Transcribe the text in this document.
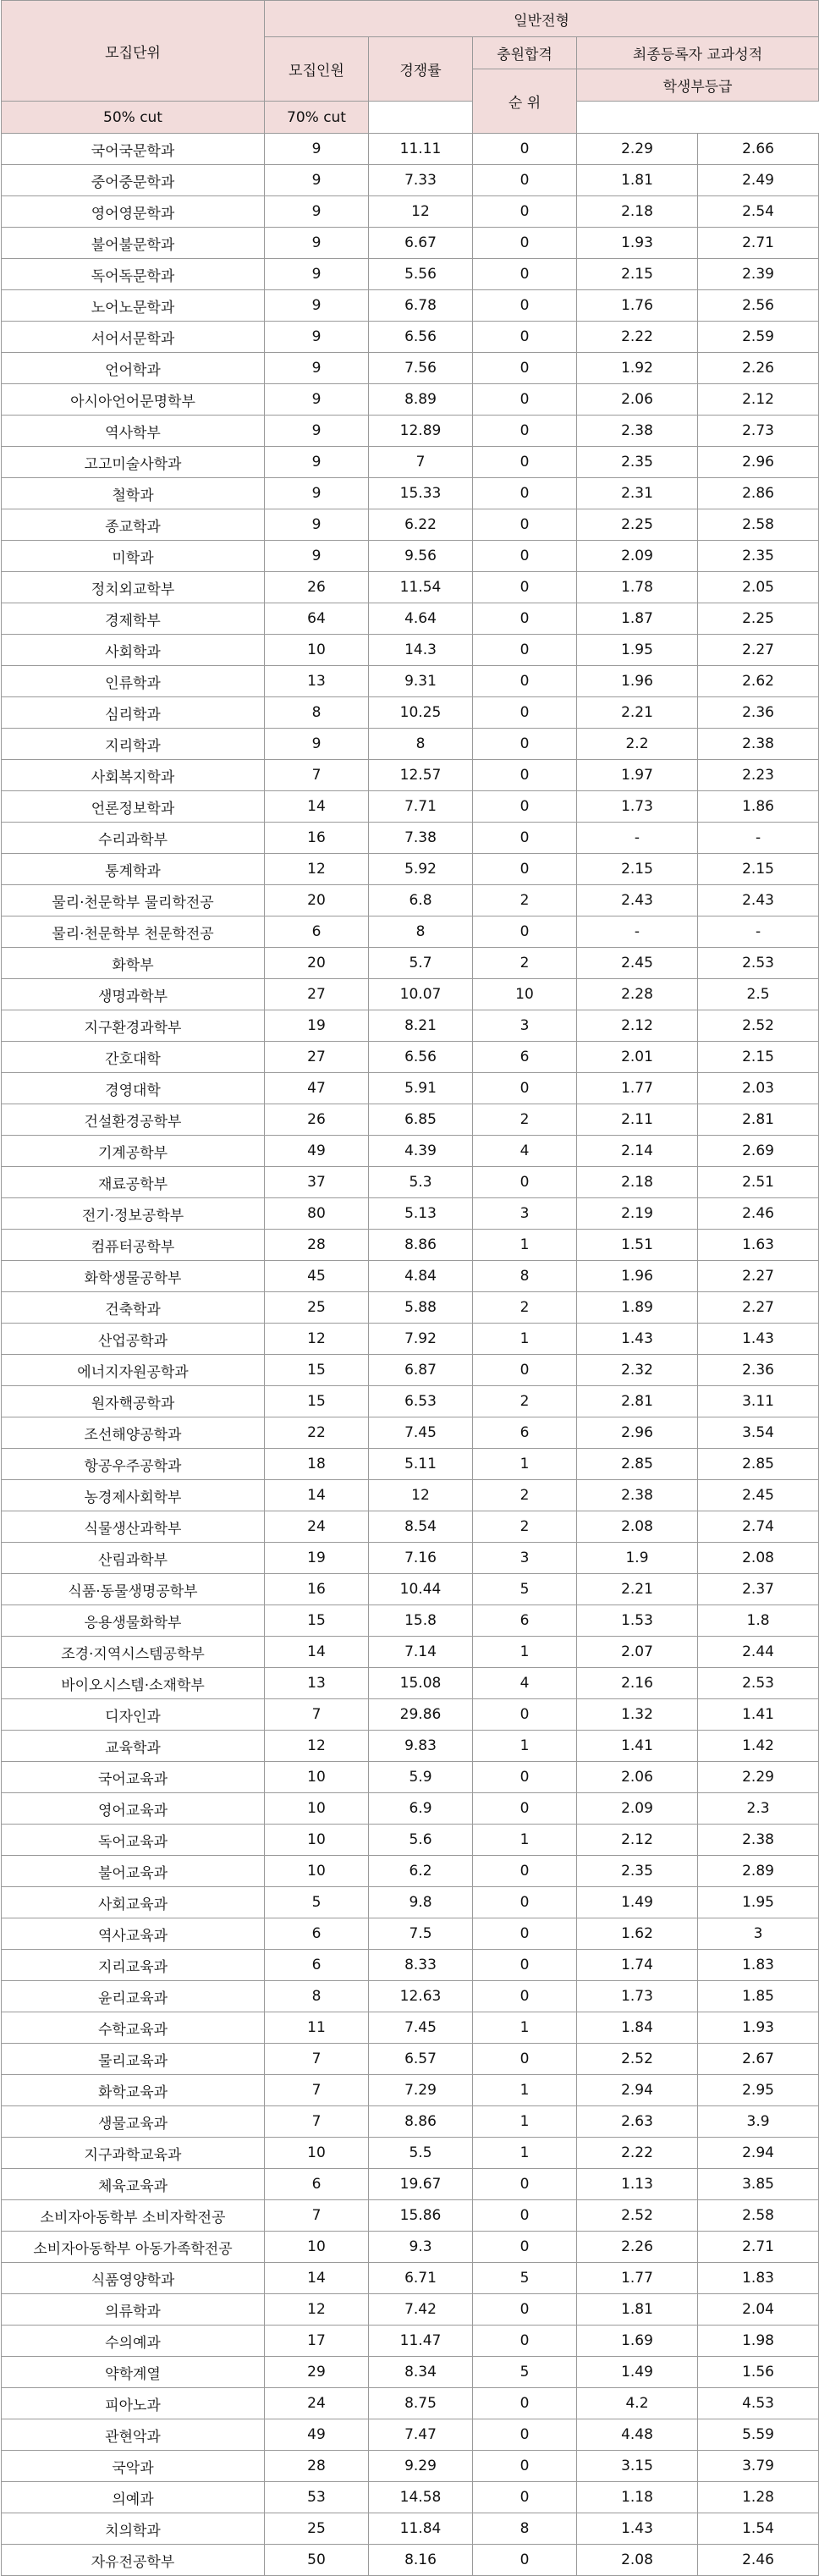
모집단위	일반전형				
	모집인원	경쟁률	충원합격	최종등록자 교과성적	
			순 위	학생부등급	
50% cut	70% cut				
국어국문학과	9	11.11	0	2.29	2.66
중어중문학과	9	7.33	0	1.81	2.49
영어영문학과	9	12	0	2.18	2.54
불어불문학과	9	6.67	0	1.93	2.71
독어독문학과	9	5.56	0	2.15	2.39
노어노문학과	9	6.78	0	1.76	2.56
서어서문학과	9	6.56	0	2.22	2.59
언어학과	9	7.56	0	1.92	2.26
아시아언어문명학부	9	8.89	0	2.06	2.12
역사학부	9	12.89	0	2.38	2.73
고고미술사학과	9	7	0	2.35	2.96
철학과	9	15.33	0	2.31	2.86
종교학과	9	6.22	0	2.25	2.58
미학과	9	9.56	0	2.09	2.35
정치외교학부	26	11.54	0	1.78	2.05
경제학부	64	4.64	0	1.87	2.25
사회학과	10	14.3	0	1.95	2.27
인류학과	13	9.31	0	1.96	2.62
심리학과	8	10.25	0	2.21	2.36
지리학과	9	8	0	2.2	2.38
사회복지학과	7	12.57	0	1.97	2.23
언론정보학과	14	7.71	0	1.73	1.86
수리과학부	16	7.38	0	-	-
통계학과	12	5.92	0	2.15	2.15
물리·천문학부 물리학전공	20	6.8	2	2.43	2.43
물리·천문학부 천문학전공	6	8	0	-	-
화학부	20	5.7	2	2.45	2.53
생명과학부	27	10.07	10	2.28	2.5
지구환경과학부	19	8.21	3	2.12	2.52
간호대학	27	6.56	6	2.01	2.15
경영대학	47	5.91	0	1.77	2.03
건설환경공학부	26	6.85	2	2.11	2.81
기계공학부	49	4.39	4	2.14	2.69
재료공학부	37	5.3	0	2.18	2.51
전기·정보공학부	80	5.13	3	2.19	2.46
컴퓨터공학부	28	8.86	1	1.51	1.63
화학생물공학부	45	4.84	8	1.96	2.27
건축학과	25	5.88	2	1.89	2.27
산업공학과	12	7.92	1	1.43	1.43
에너지자원공학과	15	6.87	0	2.32	2.36
원자핵공학과	15	6.53	2	2.81	3.11
조선해양공학과	22	7.45	6	2.96	3.54
항공우주공학과	18	5.11	1	2.85	2.85
농경제사회학부	14	12	2	2.38	2.45
식물생산과학부	24	8.54	2	2.08	2.74
산림과학부	19	7.16	3	1.9	2.08
식품·동물생명공학부	16	10.44	5	2.21	2.37
응용생물화학부	15	15.8	6	1.53	1.8
조경·지역시스템공학부	14	7.14	1	2.07	2.44
바이오시스템·소재학부	13	15.08	4	2.16	2.53
디자인과	7	29.86	0	1.32	1.41
교육학과	12	9.83	1	1.41	1.42
국어교육과	10	5.9	0	2.06	2.29
영어교육과	10	6.9	0	2.09	2.3
독어교육과	10	5.6	1	2.12	2.38
불어교육과	10	6.2	0	2.35	2.89
사회교육과	5	9.8	0	1.49	1.95
역사교육과	6	7.5	0	1.62	3
지리교육과	6	8.33	0	1.74	1.83
윤리교육과	8	12.63	0	1.73	1.85
수학교육과	11	7.45	1	1.84	1.93
물리교육과	7	6.57	0	2.52	2.67
화학교육과	7	7.29	1	2.94	2.95
생물교육과	7	8.86	1	2.63	3.9
지구과학교육과	10	5.5	1	2.22	2.94
체육교육과	6	19.67	0	1.13	3.85
소비자아동학부 소비자학전공	7	15.86	0	2.52	2.58
소비자아동학부 아동가족학전공	10	9.3	0	2.26	2.71
식품영양학과	14	6.71	5	1.77	1.83
의류학과	12	7.42	0	1.81	2.04
수의예과	17	11.47	0	1.69	1.98
약학계열	29	8.34	5	1.49	1.56
피아노과	24	8.75	0	4.2	4.53
관현악과	49	7.47	0	4.48	5.59
국악과	28	9.29	0	3.15	3.79
의예과	53	14.58	0	1.18	1.28
치의학과	25	11.84	8	1.43	1.54
자유전공학부	50	8.16	0	2.08	2.46
